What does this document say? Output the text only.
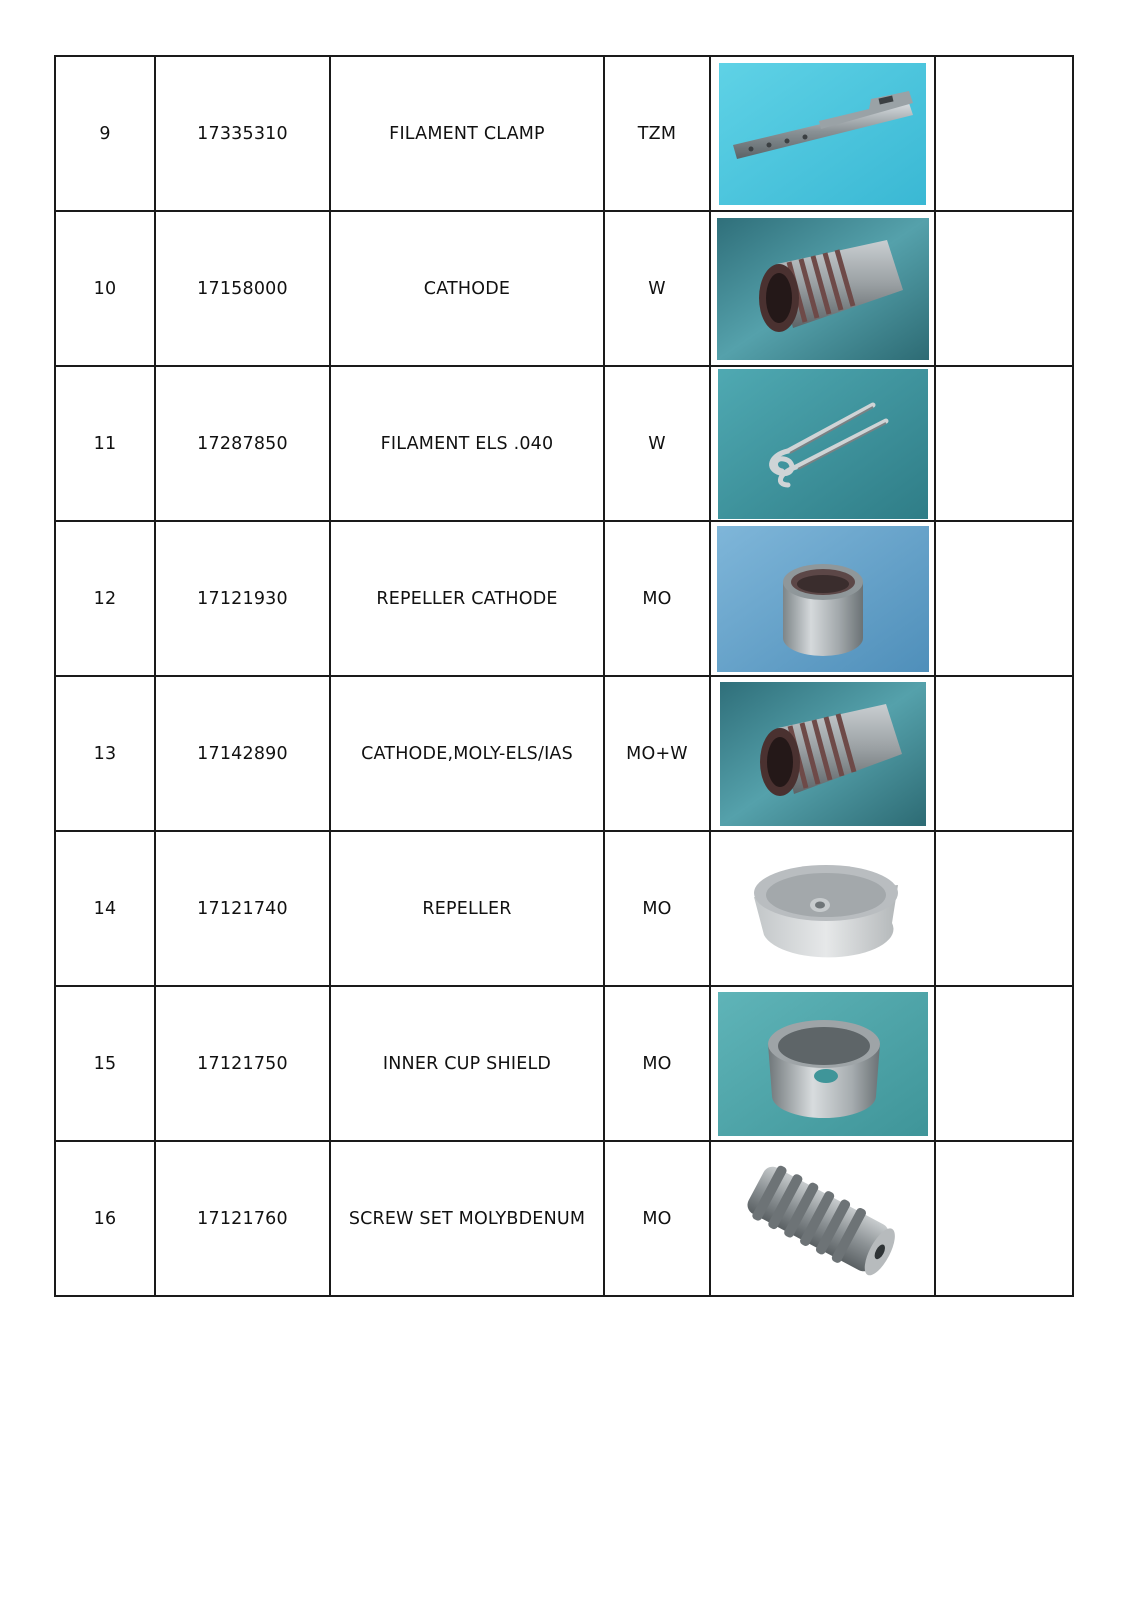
9	17335310	FILAMENT CLAMP	TZM	

10	17158000	CATHODE	W	

11	17287850	FILAMENT ELS .040	W	

12	17121930	REPELLER CATHODE	MO	

13	17142890	CATHODE,MOLY-ELS/IAS	MO+W	

14	17121740	REPELLER	MO	

15	17121750	INNER CUP SHIELD	MO	

16	17121760	SCREW SET MOLYBDENUM	MO	
